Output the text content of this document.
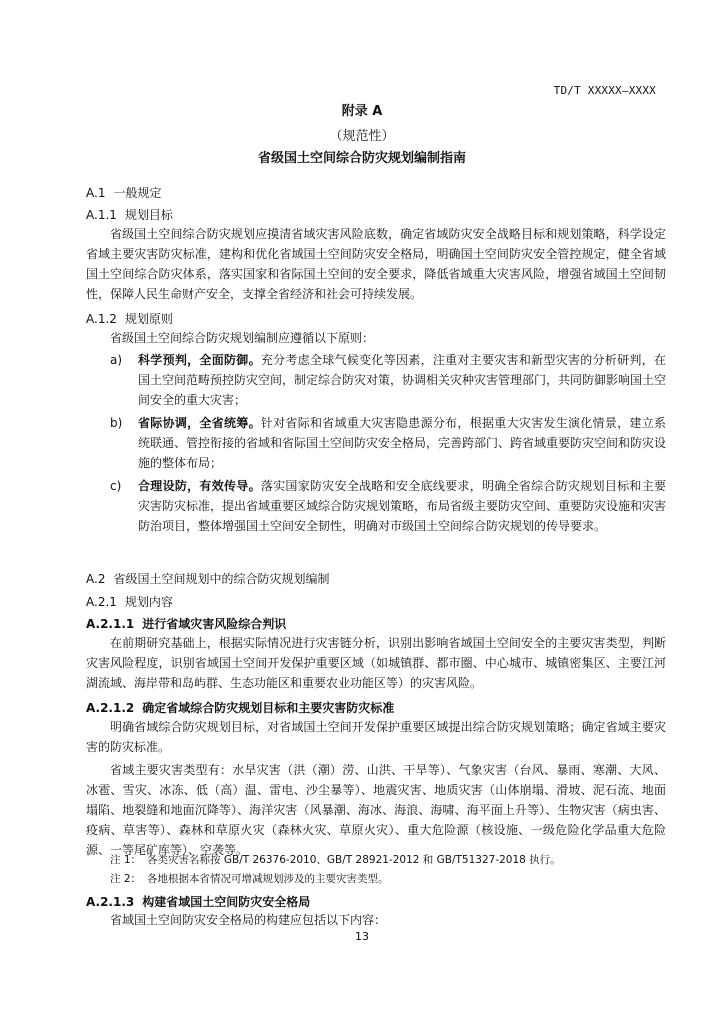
TD/T XXXXX—XXXX
附录 A
（规范性）
省级国土空间综合防灾规划编制指南
A.1 一般规定
A.1.1 规划目标

省级国土空间综合防灾规划应摸清省域灾害风险底数，确定省域防灾安全战略目标和规划策略，科学设定省域主要灾害防灾标准，建构和优化省域国土空间防灾安全格局，明确国土空间防灾安全管控规定，健全省域国土空间综合防灾体系，落实国家和省际国土空间的安全要求，降低省域重大灾害风险，增强省域国土空间韧性，保障人民生命财产安全，支撑全省经济和社会可持续发展。

A.1.2 规划原则

省级国土空间综合防灾规划编制应遵循以下原则：

a) 科学预判，全面防御。充分考虑全球气候变化等因素，注重对主要灾害和新型灾害的分析研判，在国土空间范畴预控防灾空间，制定综合防灾对策，协调相关灾种灾害管理部门，共同防御影响国土空间安全的重大灾害；
b) 省际协调，全省统筹。针对省际和省域重大灾害隐患源分布，根据重大灾害发生演化情景，建立系统联通、管控衔接的省域和省际国土空间防灾安全格局，完善跨部门、跨省域重要防灾空间和防灾设施的整体布局；
c) 合理设防，有效传导。落实国家防灾安全战略和安全底线要求，明确全省综合防灾规划目标和主要灾害防灾标准，提出省域重要区域综合防灾规划策略，布局省级主要防灾空间、重要防灾设施和灾害防治项目，整体增强国土空间安全韧性，明确对市级国土空间综合防灾规划的传导要求。
A.2 省级国土空间规划中的综合防灾规划编制
A.2.1 规划内容
A.2.1.1 进行省域灾害风险综合判识

在前期研究基础上，根据实际情况进行灾害链分析，识别出影响省域国土空间安全的主要灾害类型，判断灾害风险程度，识别省域国土空间开发保护重要区域（如城镇群、都市圈、中心城市、城镇密集区、主要江河湖流域、海岸带和岛屿群、生态功能区和重要农业功能区等）的灾害风险。

A.2.1.2 确定省域综合防灾规划目标和主要灾害防灾标准

明确省域综合防灾规划目标，对省域国土空间开发保护重要区域提出综合防灾规划策略；确定省域主要灾害的防灾标准。

省域主要灾害类型有：水旱灾害（洪（潮）涝、山洪、干旱等）、气象灾害（台风、暴雨、寒潮、大风、冰雹、雪灾、冰冻、低（高）温、雷电、沙尘暴等）、地震灾害、地质灾害（山体崩塌、滑坡、泥石流、地面塌陷、地裂缝和地面沉降等）、海洋灾害（风暴潮、海冰、海浪、海啸、海平面上升等）、生物灾害（病虫害、疫病、草害等）、森林和草原火灾（森林火灾、草原火灾）、重大危险源（核设施、一级危险化学品重大危险源、一等尾矿库等）、空袭等。

注 1： 各类灾害名称按 GB/T 26376-2010、GB/T 28921-2012 和 GB/T51327-2018 执行。
注 2： 各地根据本省情况可增减规划涉及的主要灾害类型。
A.2.1.3 构建省域国土空间防灾安全格局

省域国土空间防灾安全格局的构建应包括以下内容：

13
